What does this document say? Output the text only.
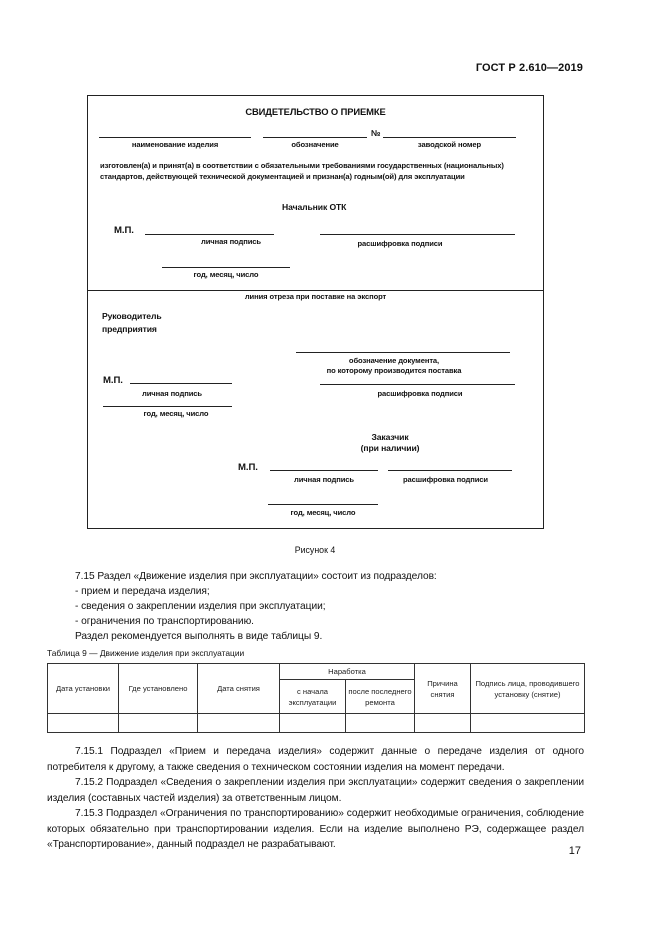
ГОСТ Р 2.610—2019
СВИДЕТЕЛЬСТВО О ПРИЕМКЕ
наименование изделия	обозначение
№
заводской номер
изготовлен(а) и принят(а) в соответствии с обязательными требованиями государственных (национальных) стандартов, действующей технической документацией и признан(а) годным(ой) для эксплуатации
Начальник ОТК
М.П.
личная подпись	расшифровка подписи
год, месяц, число
линия отреза при поставке на экспорт
Руководитель
предприятия
обозначение документа,
по которому производится поставка
М.П.
личная подпись	расшифровка подписи
год, месяц, число
Заказчик
(при наличии)
М.П.
личная подпись	расшифровка подписи
год, месяц, число
Рисунок 4
7.15 Раздел «Движение изделия при эксплуатации» состоит из подразделов:
- прием и передача изделия;
- сведения о закреплении изделия при эксплуатации;
- ограничения по транспортированию.
Раздел рекомендуется выполнять в виде таблицы 9.
Таблица 9 — Движение изделия при эксплуатации
Дата установки	Где установлено	Дата снятия	Наработка		Причина снятия	Подпись лица, проводившего установку (снятие)
			с начала эксплуатации	после последнего ремонта		

7.15.1 Подраздел «Прием и передача изделия» содержит данные о передаче изделия от одного потребителя к другому, а также сведения о техническом состоянии изделия на момент передачи.
7.15.2 Подраздел «Сведения о закреплении изделия при эксплуатации» содержит сведения о закреплении изделия (составных частей изделия) за ответственным лицом.
7.15.3 Подраздел «Ограничения по транспортированию» содержит необходимые ограничения, соблюдение которых обязательно при транспортировании изделия. Если на изделие выполнено РЭ, содержащее раздел «Транспортирование», данный подраздел не разрабатывают.
17
